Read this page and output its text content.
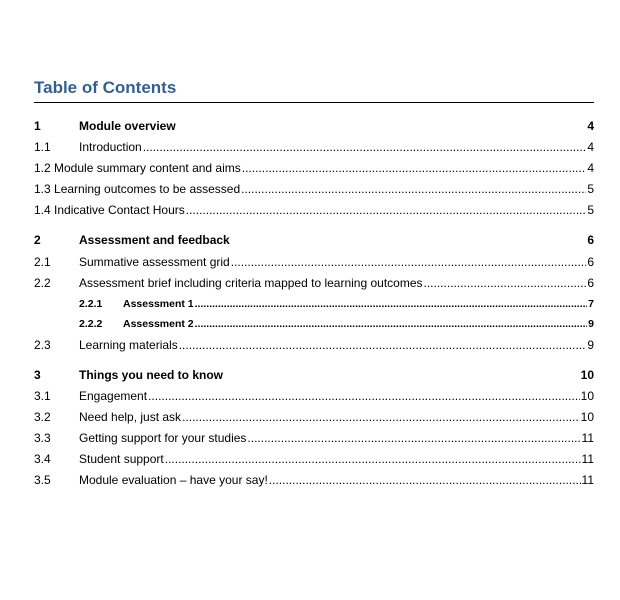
Table of Contents
1	Module overview	4
1.1	Introduction .....	4
1.2 Module summary content and aims .....	4
1.3 Learning outcomes to be assessed .....	5
1.4 Indicative Contact Hours .....	5
2	Assessment and feedback	6
2.1	Summative assessment grid .....	6
2.2	Assessment brief including criteria mapped to learning outcomes .....	6
2.2.1	Assessment 1 .....	7
2.2.2	Assessment 2 .....	9
2.3	Learning materials .....	9
3	Things you need to know	10
3.1	Engagement .....	10
3.2	Need help, just ask .....	10
3.3	Getting support for your studies .....	11
3.4	Student support .....	11
3.5	Module evaluation – have your say! .....	11
